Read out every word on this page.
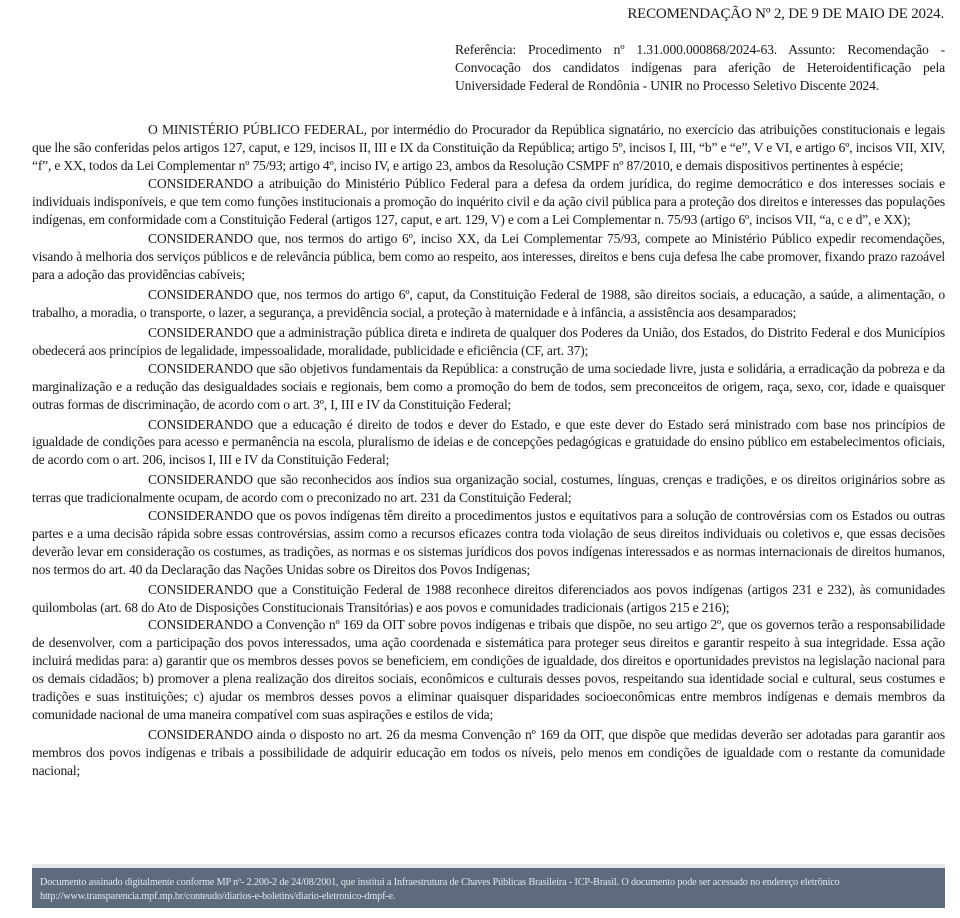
RECOMENDAÇÃO Nº 2, DE 9 DE MAIO DE 2024.
Referência: Procedimento nº 1.31.000.000868/2024-63. Assunto: Recomendação - Convocação dos candidatos indígenas para aferição de Heteroidentificação pela Universidade Federal de Rondônia - UNIR no Processo Seletivo Discente 2024.

O MINISTÉRIO PÚBLICO FEDERAL, por intermédio do Procurador da República signatário, no exercício das atribuições constitucionais e legais que lhe são conferidas pelos artigos 127, caput, e 129, incisos II, III e IX da Constituição da República; artigo 5º, incisos I, III, “b” e “e”, V e VI, e artigo 6º, incisos VII, XIV, “f”, e XX, todos da Lei Complementar nº 75/93; artigo 4º, inciso IV, e artigo 23, ambos da Resolução CSMPF nº 87/2010, e demais dispositivos pertinentes à espécie;

CONSIDERANDO a atribuição do Ministério Público Federal para a defesa da ordem jurídica, do regime democrático e dos interesses sociais e individuais indisponíveis, e que tem como funções institucionais a promoção do inquérito civil e da ação civil pública para a proteção dos direitos e interesses das populações indígenas, em conformidade com a Constituição Federal (artigos 127, caput, e art. 129, V) e com a Lei Complementar n. 75/93 (artigo 6º, incisos VII, “a, c e d”, e XX);

CONSIDERANDO que, nos termos do artigo 6º, inciso XX, da Lei Complementar 75/93, compete ao Ministério Público expedir recomendações, visando à melhoria dos serviços públicos e de relevância pública, bem como ao respeito, aos interesses, direitos e bens cuja defesa lhe cabe promover, fixando prazo razoável para a adoção das providências cabíveis;

CONSIDERANDO que, nos termos do artigo 6º, caput, da Constituição Federal de 1988, são direitos sociais, a educação, a saúde, a alimentação, o trabalho, a moradia, o transporte, o lazer, a segurança, a previdência social, a proteção à maternidade e à infância, a assistência aos desamparados;

CONSIDERANDO que a administração pública direta e indireta de qualquer dos Poderes da União, dos Estados, do Distrito Federal e dos Municípios obedecerá aos princípios de legalidade, impessoalidade, moralidade, publicidade e eficiência (CF, art. 37);

CONSIDERANDO que são objetivos fundamentais da República: a construção de uma sociedade livre, justa e solidária, a erradicação da pobreza e da marginalização e a redução das desigualdades sociais e regionais, bem como a promoção do bem de todos, sem preconceitos de origem, raça, sexo, cor, idade e quaisquer outras formas de discriminação, de acordo com o art. 3º, I, III e IV da Constituição Federal;

CONSIDERANDO que a educação é direito de todos e dever do Estado, e que este dever do Estado será ministrado com base nos princípios de igualdade de condições para acesso e permanência na escola, pluralismo de ideias e de concepções pedagógicas e gratuidade do ensino público em estabelecimentos oficiais, de acordo com o art. 206, incisos I, III e IV da Constituição Federal;

CONSIDERANDO que são reconhecidos aos índios sua organização social, costumes, línguas, crenças e tradições, e os direitos originários sobre as terras que tradicionalmente ocupam, de acordo com o preconizado no art. 231 da Constituição Federal;

CONSIDERANDO que os povos indígenas têm direito a procedimentos justos e equitativos para a solução de controvérsias com os Estados ou outras partes e a uma decisão rápida sobre essas controvérsias, assim como a recursos eficazes contra toda violação de seus direitos individuais ou coletivos e, que essas decisões deverão levar em consideração os costumes, as tradições, as normas e os sistemas jurídicos dos povos indígenas interessados e as normas internacionais de direitos humanos, nos termos do art. 40 da Declaração das Nações Unidas sobre os Direitos dos Povos Indígenas;

CONSIDERANDO que a Constituição Federal de 1988 reconhece direitos diferenciados aos povos indígenas (artigos 231 e 232), às comunidades quilombolas (art. 68 do Ato de Disposições Constitucionais Transitórias) e aos povos e comunidades tradicionais (artigos 215 e 216);

CONSIDERANDO a Convenção nº 169 da OIT sobre povos indígenas e tribais que dispõe, no seu artigo 2º, que os governos terão a responsabilidade de desenvolver, com a participação dos povos interessados, uma ação coordenada e sistemática para proteger seus direitos e garantir respeito à sua integridade. Essa ação incluirá medidas para: a) garantir que os membros desses povos se beneficiem, em condições de igualdade, dos direitos e oportunidades previstos na legislação nacional para os demais cidadãos; b) promover a plena realização dos direitos sociais, econômicos e culturais desses povos, respeitando sua identidade social e cultural, seus costumes e tradições e suas instituições; c) ajudar os membros desses povos a eliminar quaisquer disparidades socioeconômicas entre membros indígenas e demais membros da comunidade nacional de uma maneira compatível com suas aspirações e estilos de vida;

CONSIDERANDO ainda o disposto no art. 26 da mesma Convenção nº 169 da OIT, que dispõe que medidas deverão ser adotadas para garantir aos membros dos povos indígenas e tribais a possibilidade de adquirir educação em todos os níveis, pelo menos em condições de igualdade com o restante da comunidade nacional;

Documento assinado digitalmente conforme MP nº- 2.200-2 de 24/08/2001, que institui a Infraestrutura de Chaves Públicas Brasileira - ICP-Brasil. O documento pode ser acessado no endereço eletrônico http://www.transparencia.mpf.mp.br/conteudo/diarios-e-boletins/diario-eletronico-dmpf-e.
